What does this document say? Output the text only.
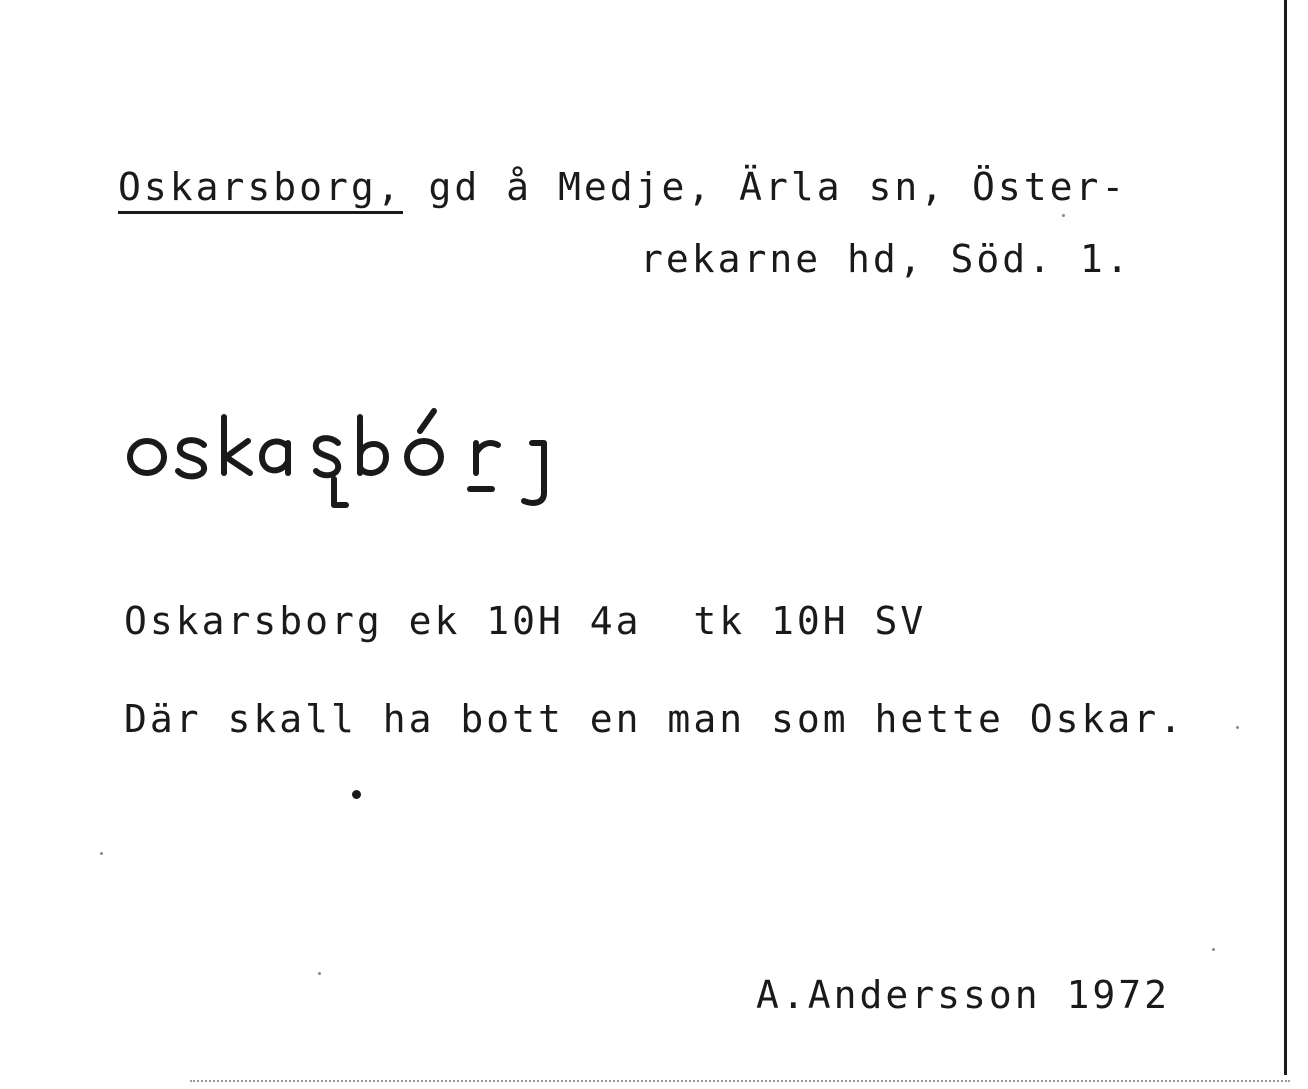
Oskarsborg, gd å Medje, Ärla sn, Öster-
rekarne hd, Söd. 1.
Oskarsborg ek 10H 4a  tk 10H SV
Där skall ha bott en man som hette Oskar.
A.Andersson 1972
